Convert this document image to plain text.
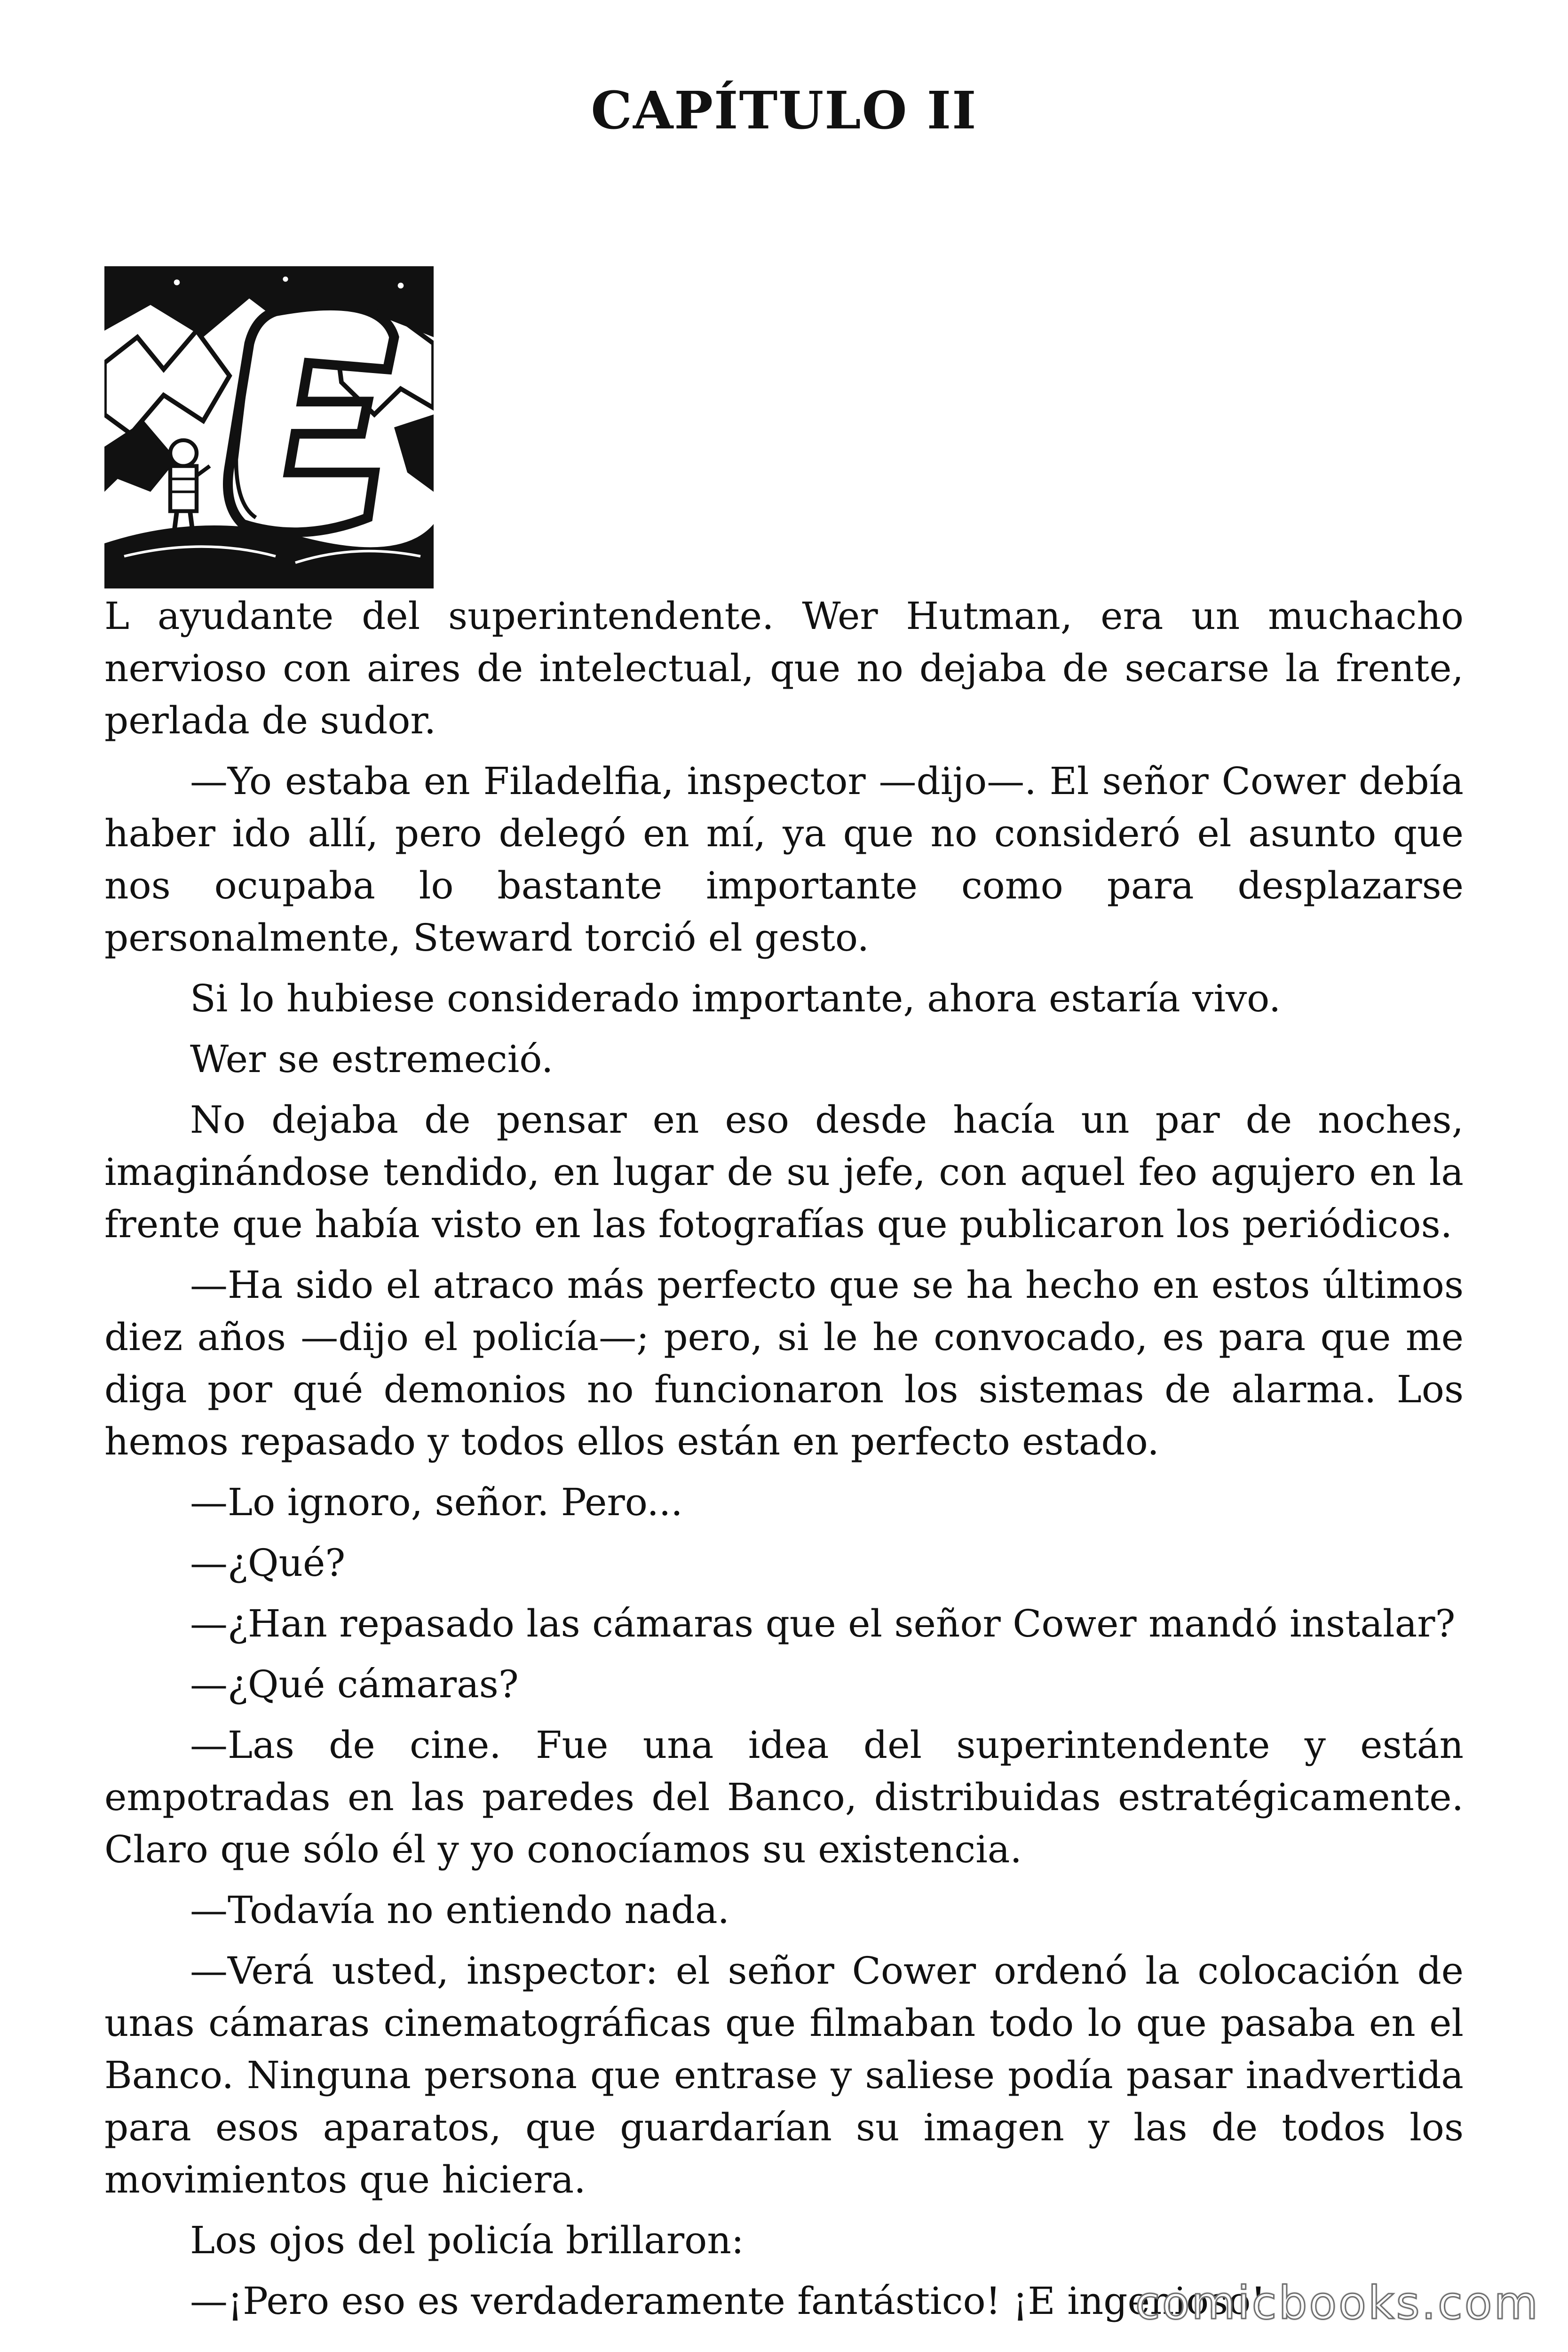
CAPÍTULO II

L ayudante del superintendente. Wer Hutman, era un muchacho nervioso con aires de intelectual, que no dejaba de secarse la frente, perlada de sudor.

—Yo estaba en Filadelfia, inspector —dijo—. El señor Cower debía haber ido allí, pero delegó en mí, ya que no consideró el asunto que nos ocupaba lo bastante importante como para desplazarse personalmente, Steward torció el gesto.

Si lo hubiese considerado importante, ahora estaría vivo.

Wer se estremeció.

No dejaba de pensar en eso desde hacía un par de noches, imaginándose tendido, en lugar de su jefe, con aquel feo agujero en la frente que había visto en las fotografías que publicaron los periódicos.

—Ha sido el atraco más perfecto que se ha hecho en estos últimos diez años —dijo el policía—; pero, si le he convocado, es para que me diga por qué demonios no funcionaron los sistemas de alarma. Los hemos repasado y todos ellos están en perfecto estado.

—Lo ignoro, señor. Pero...

—¿Qué?

—¿Han repasado las cámaras que el señor Cower mandó instalar?

—¿Qué cámaras?

—Las de cine. Fue una idea del superintendente y están empotradas en las paredes del Banco, distribuidas estratégicamente. Claro que sólo él y yo conocíamos su existencia.

—Todavía no entiendo nada.

—Verá usted, inspector: el señor Cower ordenó la colocación de unas cámaras cinematográficas que filmaban todo lo que pasaba en el Banco. Ninguna persona que entrase y saliese podía pasar inadvertida para esos aparatos, que guardarían su imagen y las de todos los movimientos que hiciera.

Los ojos del policía brillaron:

—¡Pero eso es verdaderamente fantástico! ¡E ingenioso!

comicbooks.com
